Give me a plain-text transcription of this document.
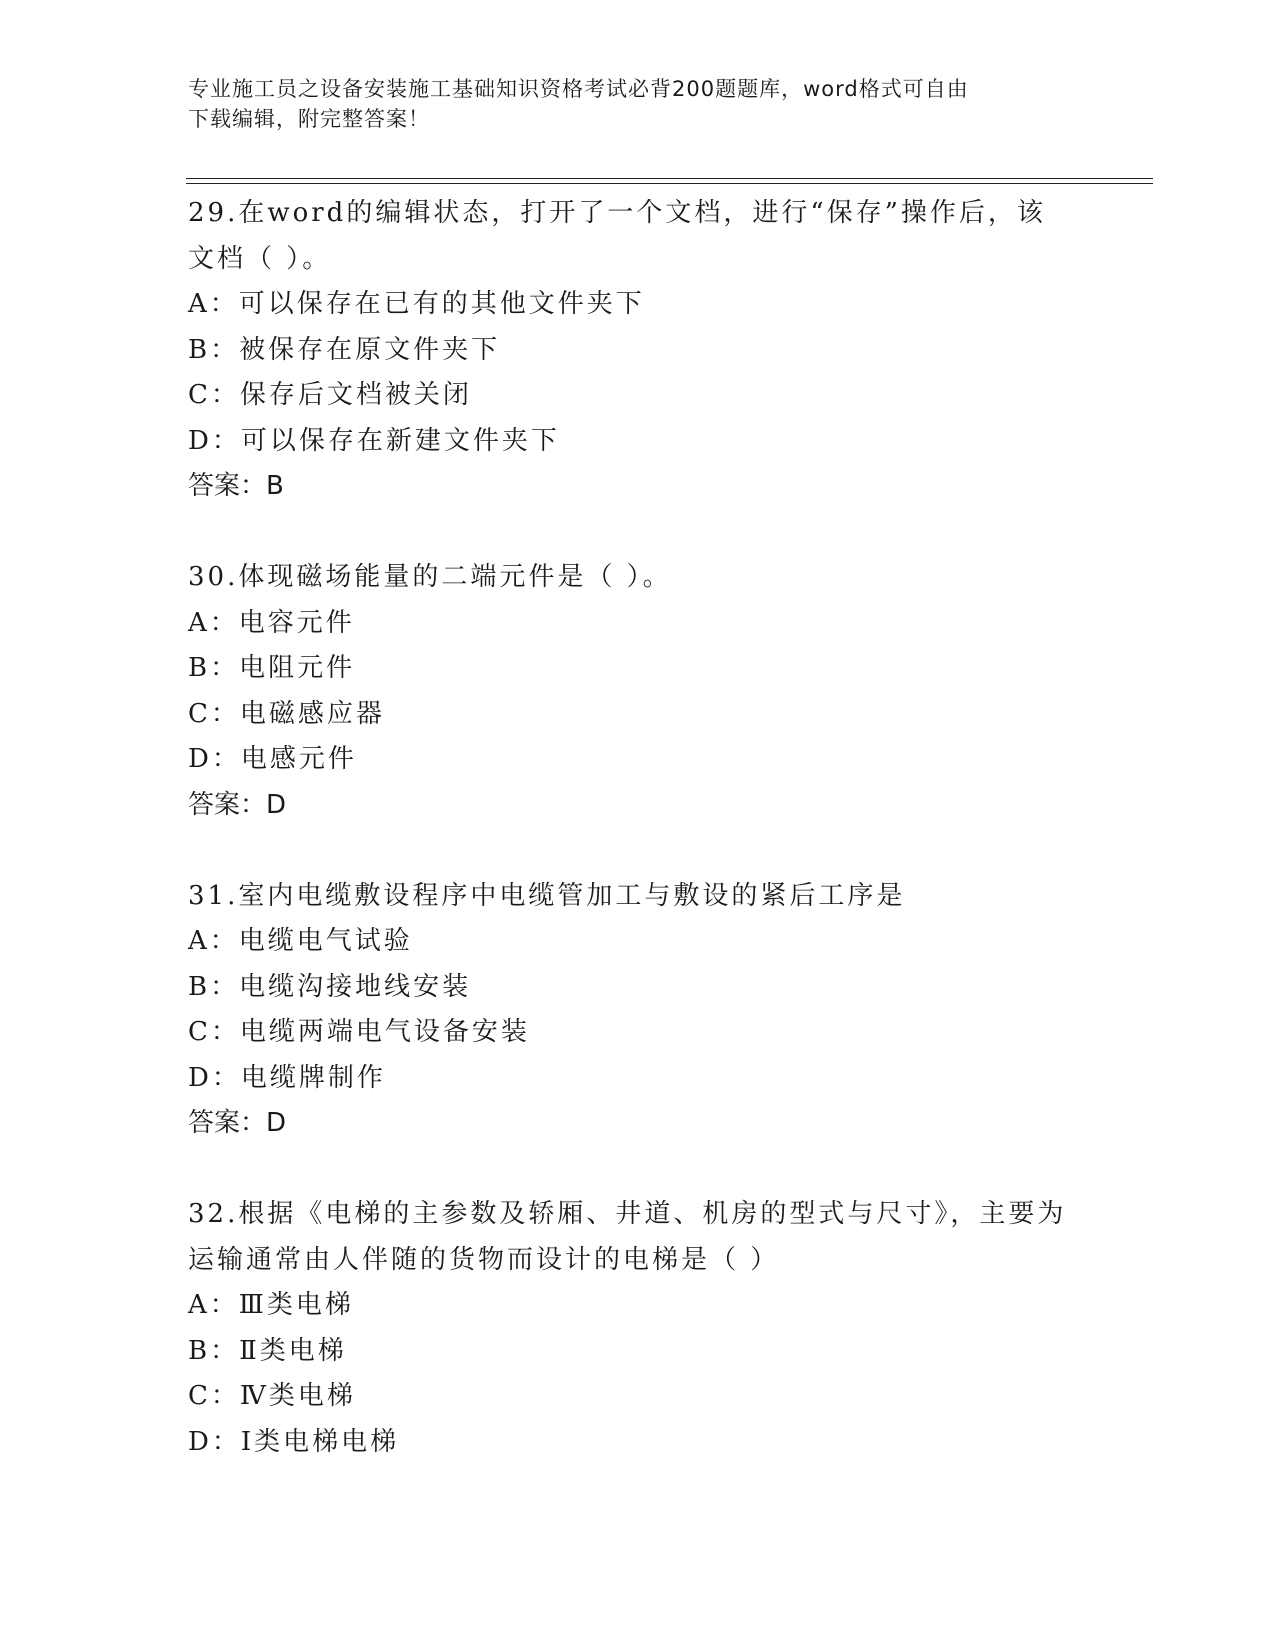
专业施工员之设备安装施工基础知识资格考试必背200题题库，word格式可自由
下载编辑，附完整答案！
29.在word的编辑状态，打开了一个文档，进行“保存”操作后，该
文档（ ）。
A：可以保存在已有的其他文件夹下
B：被保存在原文件夹下
C：保存后文档被关闭
D：可以保存在新建文件夹下
答案：B
30.体现磁场能量的二端元件是（ ）。
A：电容元件
B：电阻元件
C：电磁感应器
D：电感元件
答案：D
31.室内电缆敷设程序中电缆管加工与敷设的紧后工序是
A：电缆电气试验
B：电缆沟接地线安装
C：电缆两端电气设备安装
D：电缆牌制作
答案：D
32.根据《电梯的主参数及轿厢、井道、机房的型式与尺寸》，主要为
运输通常由人伴随的货物而设计的电梯是（ ）
A：Ⅲ类电梯
B：Ⅱ类电梯
C：Ⅳ类电梯
D：Ⅰ类电梯电梯
